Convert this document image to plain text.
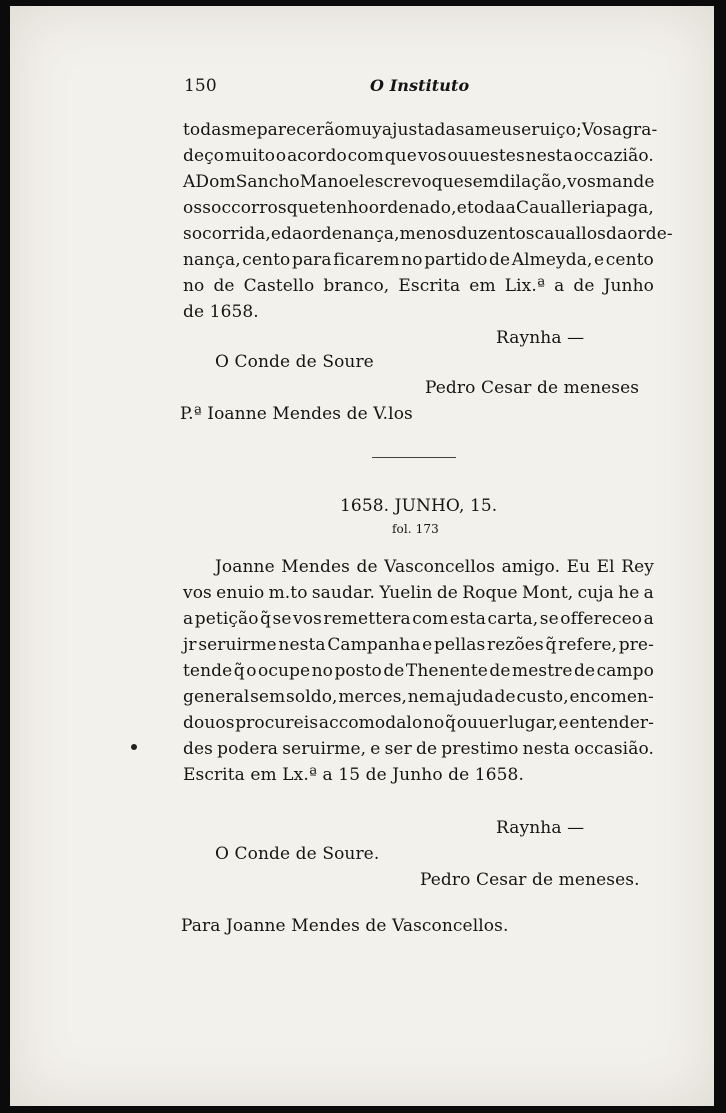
150	O Instituto
todas me parecerão muy ajustadas a meu seruiço; Vos agra-
deço muito o acordo com que vos ouuestes nesta occazião.
A Dom Sancho Manoel escrevo que sem dilação, vos mande
os soccorros que tenho ordenado, e toda a Caualleria paga,
socorrida, e da ordenança, menos duzentos cauallos da orde-
nança, cento para ficarem no partido de Almeyda, e cento
no de Castello branco, Escrita em Lix.ª a de Junho
de 1658.
Raynha —
O Conde de Soure
Pedro Cesar de meneses
P.ª Ioanne Mendes de V.los
1658. JUNHO, 15.
fol. 173
Joanne Mendes de Vasconcellos amigo. Eu El Rey
vos enuio m.to saudar. Yuelin de Roque Mont, cuja he a
a petição q̃ se vos remettera com esta carta, se offereceo a
jr seruirme nesta Campanha e pellas rezões q̃ refere, pre-
tende q̃ o ocupe no posto de Thenente de mestre de campo
general sem soldo, merces, nem ajuda de custo, encomen-
douos procureis accomodalo no q̃ ouuer lugar, e entender-
des podera seruirme, e ser de prestimo nesta occasião.
Escrita em Lx.ª a 15 de Junho de 1658.
Raynha —
O Conde de Soure.
Pedro Cesar de meneses.
Para Joanne Mendes de Vasconcellos.
